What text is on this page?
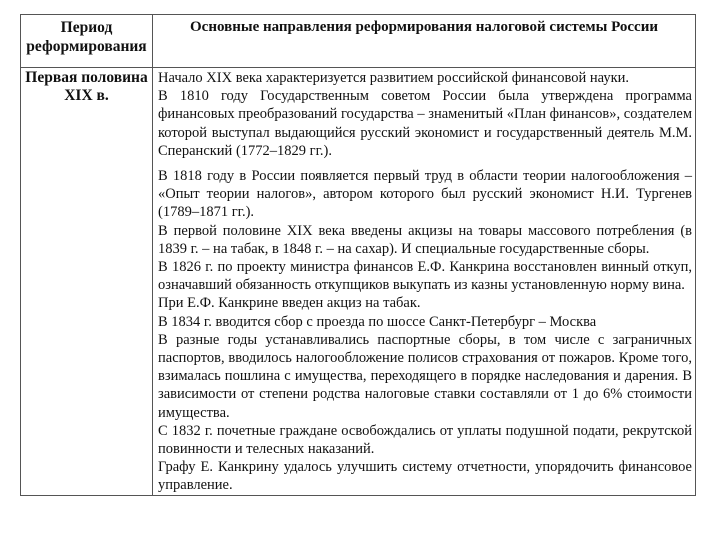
Период реформирования
Основные направления реформирования налоговой системы России
Первая половина XIX в.

Начало XIX века характеризуется развитием российской финансовой науки.

В 1810 году Государственным советом России была утверждена программа финансовых преобразований государства – знаменитый «План финансов», создателем которой выступал выдающийся русский экономист и государственный деятель М.М. Сперанский (1772–1829 гг.).

В 1818 году в России появляется первый труд в области теории налогообложения – «Опыт теории налогов», автором которого был русский экономист Н.И. Тургенев (1789–1871 гг.).

В первой половине XIX века введены акцизы на товары массового потребления (в 1839 г. – на табак, в 1848 г. – на сахар). И специальные государственные сборы.

В 1826 г. по проекту министра финансов Е.Ф. Канкрина восстановлен винный откуп, означавший обязанность откупщиков выкупать из казны установленную норму вина.

При Е.Ф. Канкрине введен акциз на табак.

В 1834 г. вводится сбор с проезда по шоссе Санкт-Петербург – Москва

В разные годы устанавливались паспортные сборы, в том числе с заграничных паспортов, вводилось налогообложение полисов страхования от пожаров. Кроме того, взималась пошлина с имущества, переходящего в порядке наследования и дарения. В зависимости от степени родства налоговые ставки составляли от 1 до 6% стоимости имущества.

С 1832 г. почетные граждане освобождались от уплаты подушной подати, рекрутской повинности и телесных наказаний.

Графу Е. Канкрину удалось улучшить систему отчетности, упорядочить финансовое управление.
